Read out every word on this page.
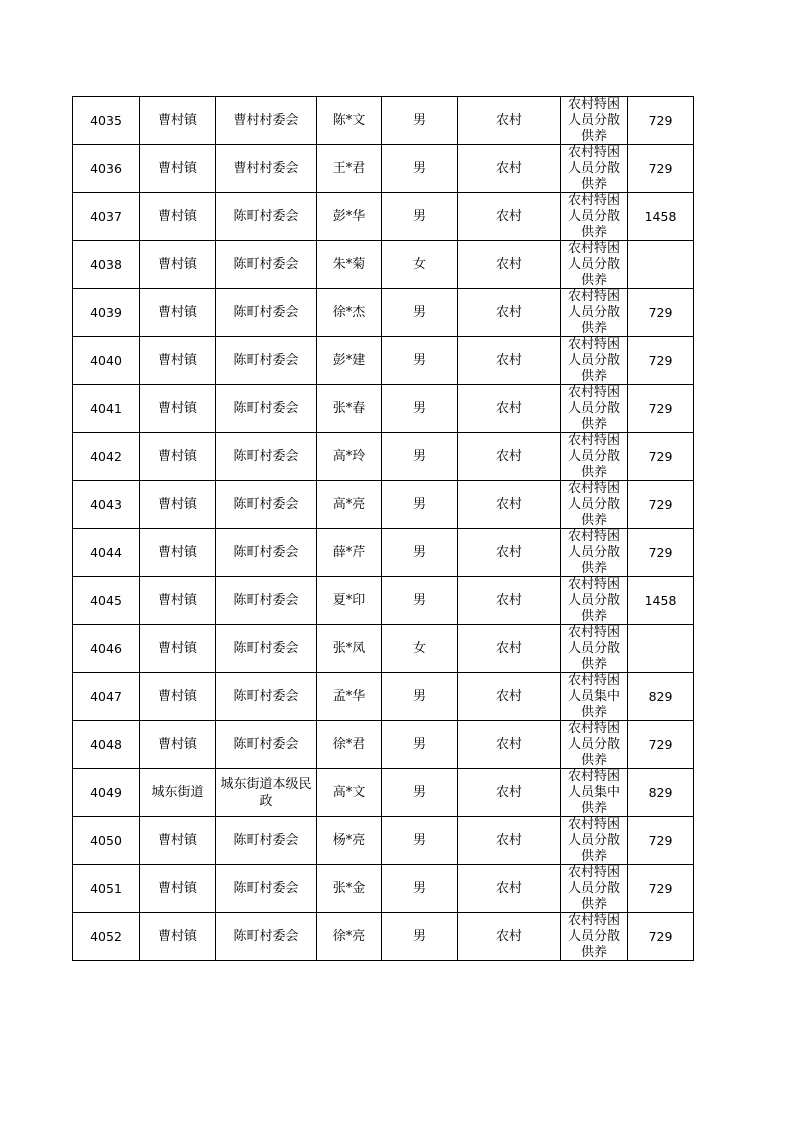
4035	曹村镇	曹村村委会	陈*文	男	农村	农村特困人员分散供养	729
4036	曹村镇	曹村村委会	王*君	男	农村	农村特困人员分散供养	729
4037	曹村镇	陈町村委会	彭*华	男	农村	农村特困人员分散供养	1458
4038	曹村镇	陈町村委会	朱*菊	女	农村	农村特困人员分散供养	

4039	曹村镇	陈町村委会	徐*杰	男	农村	农村特困人员分散供养	729
4040	曹村镇	陈町村委会	彭*建	男	农村	农村特困人员分散供养	729
4041	曹村镇	陈町村委会	张*春	男	农村	农村特困人员分散供养	729
4042	曹村镇	陈町村委会	高*玲	男	农村	农村特困人员分散供养	729
4043	曹村镇	陈町村委会	高*亮	男	农村	农村特困人员分散供养	729
4044	曹村镇	陈町村委会	薛*芹	男	农村	农村特困人员分散供养	729
4045	曹村镇	陈町村委会	夏*印	男	农村	农村特困人员分散供养	1458
4046	曹村镇	陈町村委会	张*凤	女	农村	农村特困人员分散供养	

4047	曹村镇	陈町村委会	孟*华	男	农村	农村特困人员集中供养	829
4048	曹村镇	陈町村委会	徐*君	男	农村	农村特困人员分散供养	729
4049	城东街道	城东街道本级民政	高*文	男	农村	农村特困人员集中供养	829
4050	曹村镇	陈町村委会	杨*亮	男	农村	农村特困人员分散供养	729
4051	曹村镇	陈町村委会	张*金	男	农村	农村特困人员分散供养	729
4052	曹村镇	陈町村委会	徐*亮	男	农村	农村特困人员分散供养	729
